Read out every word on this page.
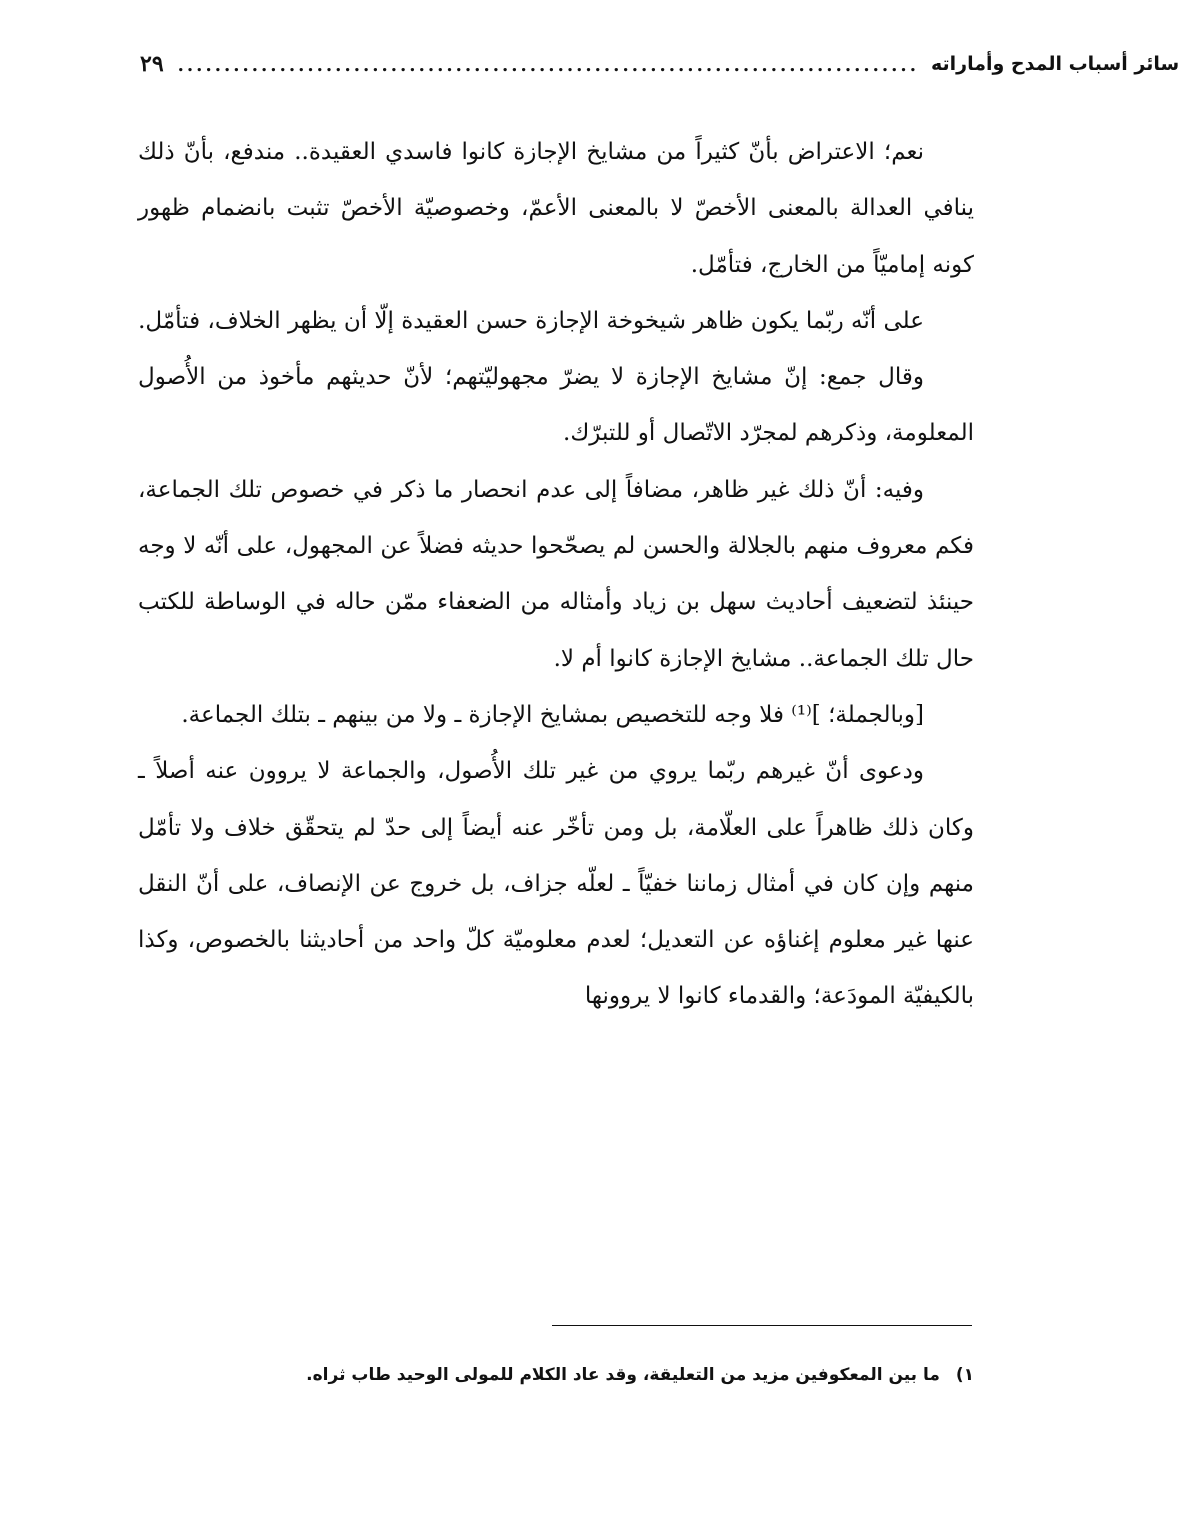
٢٩ ................................................................................ سائر أسباب المدح وأماراته

نعم؛ الاعتراض بأنّ كثيراً من مشايخ الإجازة كانوا فاسدي العقيدة.. مندفع، بأنّ ذلك ينافي العدالة بالمعنى الأخصّ لا بالمعنى الأعمّ، وخصوصيّة الأخصّ تثبت بانضمام ظهور كونه إماميّاً من الخارج، فتأمّل.

على أنّه ربّما يكون ظاهر شيخوخة الإجازة حسن العقيدة إلّا أن يظهر الخلاف، فتأمّل.

وقال جمع: إنّ مشايخ الإجازة لا يضرّ مجهوليّتهم؛ لأنّ حديثهم مأخوذ من الأُصول المعلومة، وذكرهم لمجرّد الاتّصال أو للتبرّك.

وفيه: أنّ ذلك غير ظاهر، مضافاً إلى عدم انحصار ما ذكر في خصوص تلك الجماعة، فكم معروف منهم بالجلالة والحسن لم يصحّحوا حديثه فضلاً عن المجهول، على أنّه لا وجه حينئذ لتضعيف أحاديث سهل بن زياد وأمثاله من الضعفاء ممّن حاله في الوساطة للكتب حال تلك الجماعة.. مشايخ الإجازة كانوا أم لا.

[وبالجملة؛ ]⁽¹⁾ فلا وجه للتخصيص بمشايخ الإجازة ـ ولا من بينهم ـ بتلك الجماعة.

ودعوى أنّ غيرهم ربّما يروي من غير تلك الأُصول، والجماعة لا يروون عنه أصلاً ـ وكان ذلك ظاهراً على العلّامة، بل ومن تأخّر عنه أيضاً إلى حدّ لم يتحقّق خلاف ولا تأمّل منهم وإن كان في أمثال زماننا خفيّاً ـ لعلّه جزاف، بل خروج عن الإنصاف، على أنّ النقل عنها غير معلوم إغناؤه عن التعديل؛ لعدم معلوميّة كلّ واحد من أحاديثنا بالخصوص، وكذا بالكيفيّة المودَعة؛ والقدماء كانوا لا يروونها

١) ما بين المعكوفين مزيد من التعليقة، وقد عاد الكلام للمولى الوحيد طاب ثراه.
